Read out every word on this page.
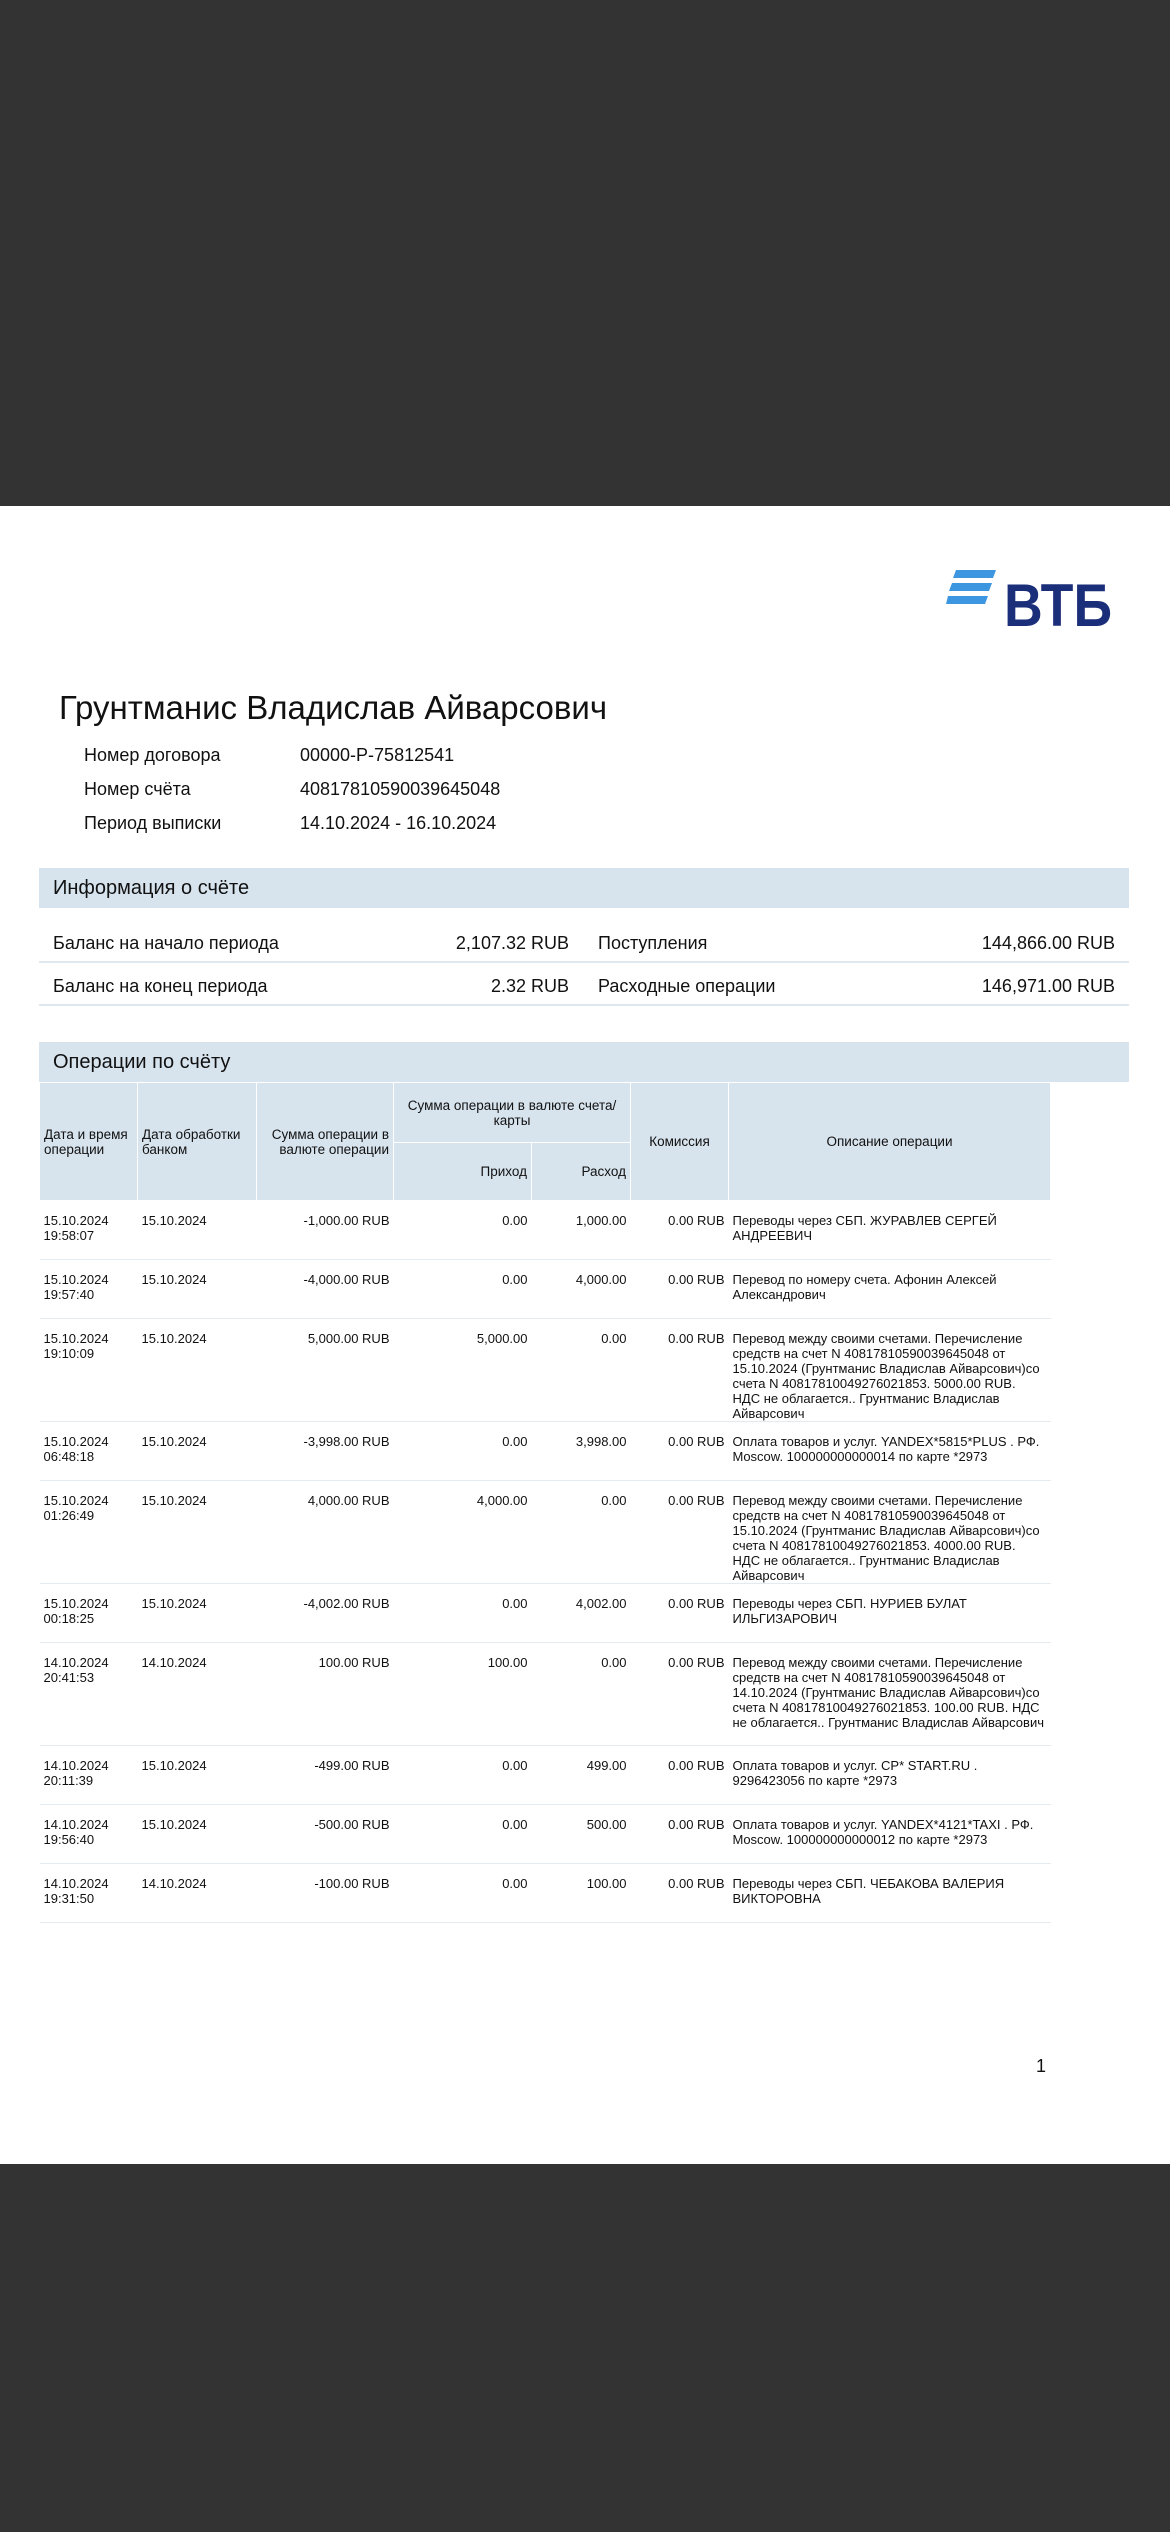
ВТБ
Грунтманис Владислав Айварсович
Номер договора	00000-P-75812541
Номер счёта	40817810590039645048
Период выписки	14.10.2024 - 16.10.2024
Информация о счёте
Баланс на начало периода	2,107.32 RUB Поступления	144,866.00 RUB
Баланс на конец периода	2.32 RUB Расходные операции	146,971.00 RUB
Операции по счёту
Дата и время операции	Дата обработки банком	Сумма операции в валюте операции	Сумма операции в валюте счета/карты		Комиссия	Описание операции
			Приход	Расход		
15.10.2024
19:58:07	15.10.2024	-1,000.00 RUB	0.00	1,000.00	0.00 RUB	Переводы через СБП. ЖУРАВЛЕВ СЕРГЕЙ АНДРЕЕВИЧ
15.10.2024
19:57:40	15.10.2024	-4,000.00 RUB	0.00	4,000.00	0.00 RUB	Перевод по номеру счета. Афонин Алексей Александрович
15.10.2024
19:10:09	15.10.2024	5,000.00 RUB	5,000.00	0.00	0.00 RUB	Перевод между своими счетами. Перечисление средств на счет N 40817810590039645048 от 15.10.2024 (Грунтманис Владислав Айварсович)со счета N 40817810049276021853. 5000.00 RUB. НДС не облагается.. Грунтманис Владислав Айварсович
15.10.2024
06:48:18	15.10.2024	-3,998.00 RUB	0.00	3,998.00	0.00 RUB	Оплата товаров и услуг. YANDEX*5815*PLUS . РФ. Moscow. 100000000000014 по карте *2973
15.10.2024
01:26:49	15.10.2024	4,000.00 RUB	4,000.00	0.00	0.00 RUB	Перевод между своими счетами. Перечисление средств на счет N 40817810590039645048 от 15.10.2024 (Грунтманис Владислав Айварсович)со счета N 40817810049276021853. 4000.00 RUB. НДС не облагается.. Грунтманис Владислав Айварсович
15.10.2024
00:18:25	15.10.2024	-4,002.00 RUB	0.00	4,002.00	0.00 RUB	Переводы через СБП. НУРИЕВ БУЛАТ ИЛЬГИЗАРОВИЧ
14.10.2024
20:41:53	14.10.2024	100.00 RUB	100.00	0.00	0.00 RUB	Перевод между своими счетами. Перечисление средств на счет N 40817810590039645048 от 14.10.2024 (Грунтманис Владислав Айварсович)со счета N 40817810049276021853. 100.00 RUB. НДС не облагается.. Грунтманис Владислав Айварсович
14.10.2024
20:11:39	15.10.2024	-499.00 RUB	0.00	499.00	0.00 RUB	Оплата товаров и услуг. CP* START.RU . 9296423056 по карте *2973
14.10.2024
19:56:40	15.10.2024	-500.00 RUB	0.00	500.00	0.00 RUB	Оплата товаров и услуг. YANDEX*4121*TAXI . РФ. Moscow. 100000000000012 по карте *2973
14.10.2024
19:31:50	14.10.2024	-100.00 RUB	0.00	100.00	0.00 RUB	Переводы через СБП. ЧЕБАКОВА ВАЛЕРИЯ ВИКТОРОВНА
1
